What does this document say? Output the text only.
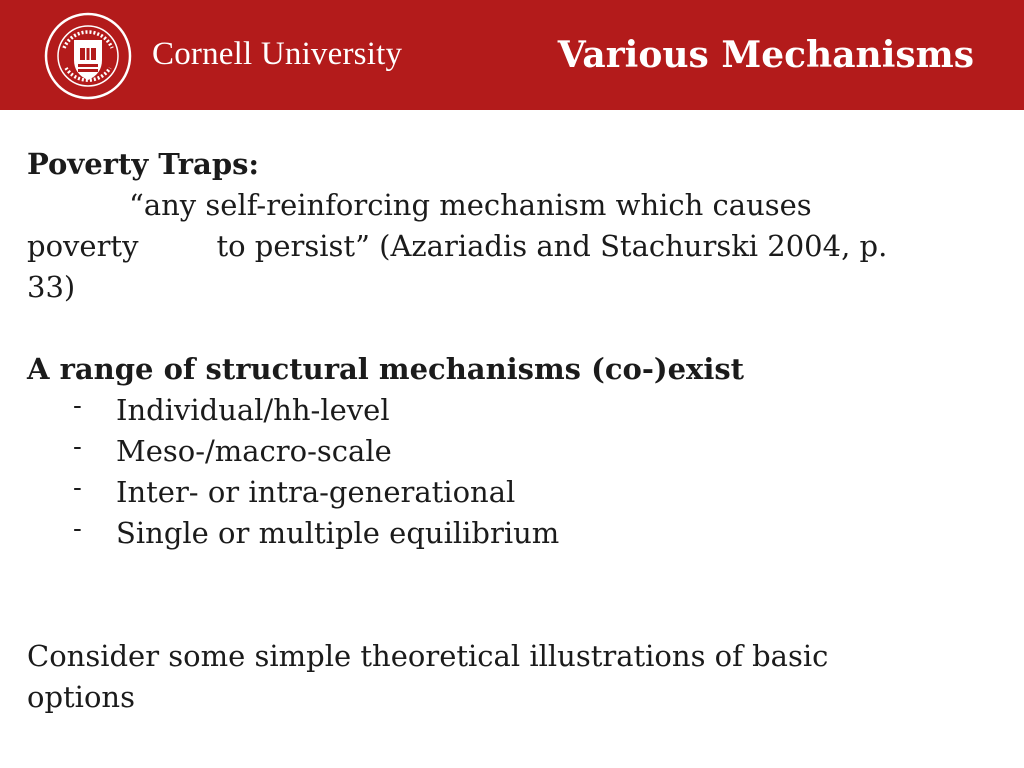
Cornell University	Various Mechanisms

Poverty Traps:

“any self-reinforcing mechanism which causes

poverty	to persist” (Azariadis and Stachurski 2004, p.

33)

A range of structural mechanisms (co-)exist

- Individual/hh-level
- Meso-/macro-scale
- Inter- or intra-generational
- Single or multiple equilibrium

Consider some simple theoretical illustrations of basic

options
